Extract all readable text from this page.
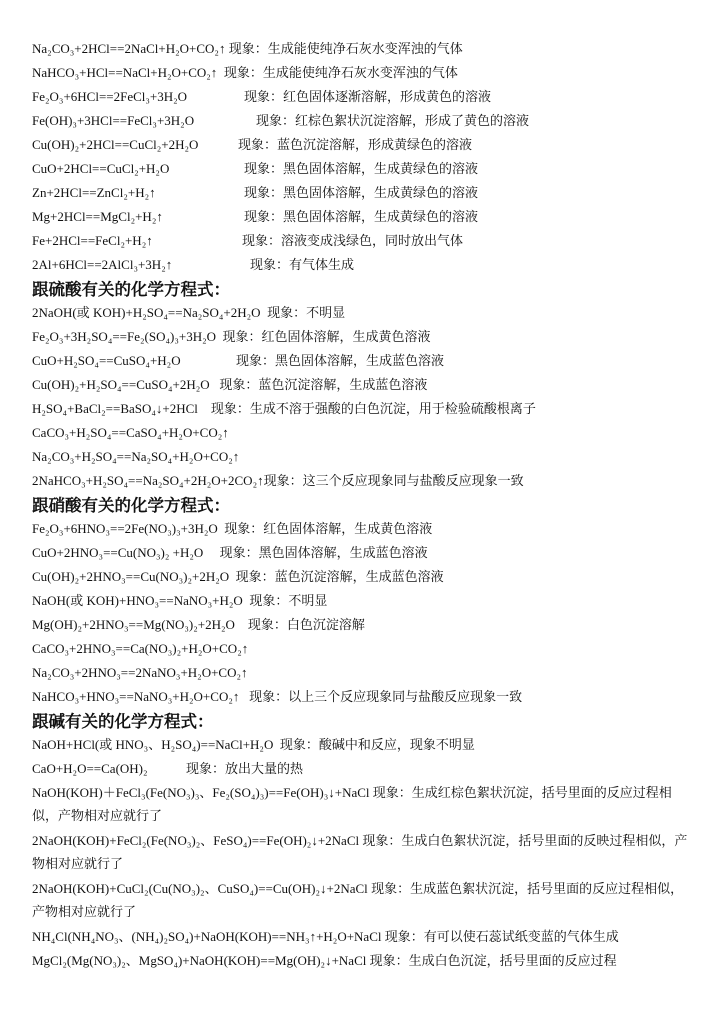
Na₂CO₃+2HCl==2NaCl+H₂O+CO₂↑ 现象：生成能使纯净石灰水变浑浊的气体
NaHCO₃+HCl==NaCl+H₂O+CO₂↑ 现象：生成能使纯净石灰水变浑浊的气体
Fe₂O₃+6HCl==2FeCl₃+3H₂O	现象：红色固体逐渐溶解，形成黄色的溶液
Fe(OH)₃+3HCl==FeCl₃+3H₂O	现象：红棕色絮状沉淀溶解，形成了黄色的溶液
Cu(OH)₂+2HCl==CuCl₂+2H₂O	现象：蓝色沉淀溶解，形成黄绿色的溶液
CuO+2HCl==CuCl₂+H₂O	现象：黑色固体溶解，生成黄绿色的溶液
Zn+2HCl==ZnCl₂+H₂↑	现象：黑色固体溶解，生成黄绿色的溶液
Mg+2HCl==MgCl₂+H₂↑	现象：黑色固体溶解，生成黄绿色的溶液
Fe+2HCl==FeCl₂+H₂↑	现象：溶液变成浅绿色，同时放出气体
2Al+6HCl==2AlCl₃+3H₂↑	现象：有气体生成
跟硫酸有关的化学方程式：
2NaOH(或 KOH)+H₂SO₄==Na₂SO₄+2H₂O 现象：不明显
Fe₂O₃+3H₂SO₄==Fe₂(SO₄)₃+3H₂O 现象：红色固体溶解，生成黄色溶液
CuO+H₂SO₄==CuSO₄+H₂O	现象：黑色固体溶解，生成蓝色溶液
Cu(OH)₂+H₂SO₄==CuSO₄+2H₂O 现象：蓝色沉淀溶解，生成蓝色溶液
H₂SO₄+BaCl₂==BaSO₄↓+2HCl 现象：生成不溶于强酸的白色沉淀，用于检验硫酸根离子
CaCO₃+H₂SO₄==CaSO₄+H₂O+CO₂↑
Na₂CO₃+H₂SO₄==Na₂SO₄+H₂O+CO₂↑
2NaHCO₃+H₂SO₄==Na₂SO₄+2H₂O+2CO₂↑现象：这三个反应现象同与盐酸反应现象一致
跟硝酸有关的化学方程式：
Fe₂O₃+6HNO₃==2Fe(NO₃)₃+3H₂O 现象：红色固体溶解，生成黄色溶液
CuO+2HNO₃==Cu(NO₃)₂ +H₂O 现象：黑色固体溶解，生成蓝色溶液
Cu(OH)₂+2HNO₃==Cu(NO₃)₂+2H₂O 现象：蓝色沉淀溶解，生成蓝色溶液
NaOH(或 KOH)+HNO₃==NaNO₃+H₂O 现象：不明显
Mg(OH)₂+2HNO₃==Mg(NO₃)₂+2H₂O 现象：白色沉淀溶解
CaCO₃+2HNO₃==Ca(NO₃)₂+H₂O+CO₂↑
Na₂CO₃+2HNO₃==2NaNO₃+H₂O+CO₂↑
NaHCO₃+HNO₃==NaNO₃+H₂O+CO₂↑ 现象：以上三个反应现象同与盐酸反应现象一致
跟碱有关的化学方程式：
NaOH+HCl(或 HNO₃、H₂SO₄)==NaCl+H₂O 现象：酸碱中和反应，现象不明显
CaO+H₂O==Ca(OH)₂	现象：放出大量的热
NaOH(KOH)＋FeCl₃(Fe(NO₃)₃、Fe₂(SO₄)₃)==Fe(OH)₃↓+NaCl 现象：生成红棕色絮状沉淀，括号里面的反应过程相似，产物相对应就行了
2NaOH(KOH)+FeCl₂(Fe(NO₃)₂、FeSO₄)==Fe(OH)₂↓+2NaCl 现象：生成白色絮状沉淀，括号里面的反映过程相似，产物相对应就行了
2NaOH(KOH)+CuCl₂(Cu(NO₃)₂、CuSO₄)==Cu(OH)₂↓+2NaCl 现象：生成蓝色絮状沉淀，括号里面的反应过程相似，产物相对应就行了
NH₄Cl(NH₄NO₃、(NH₄)₂SO₄)+NaOH(KOH)==NH₃↑+H₂O+NaCl 现象：有可以使石蕊试纸变蓝的气体生成
MgCl₂(Mg(NO₃)₂、MgSO₄)+NaOH(KOH)==Mg(OH)₂↓+NaCl 现象：生成白色沉淀，括号里面的反应过程
